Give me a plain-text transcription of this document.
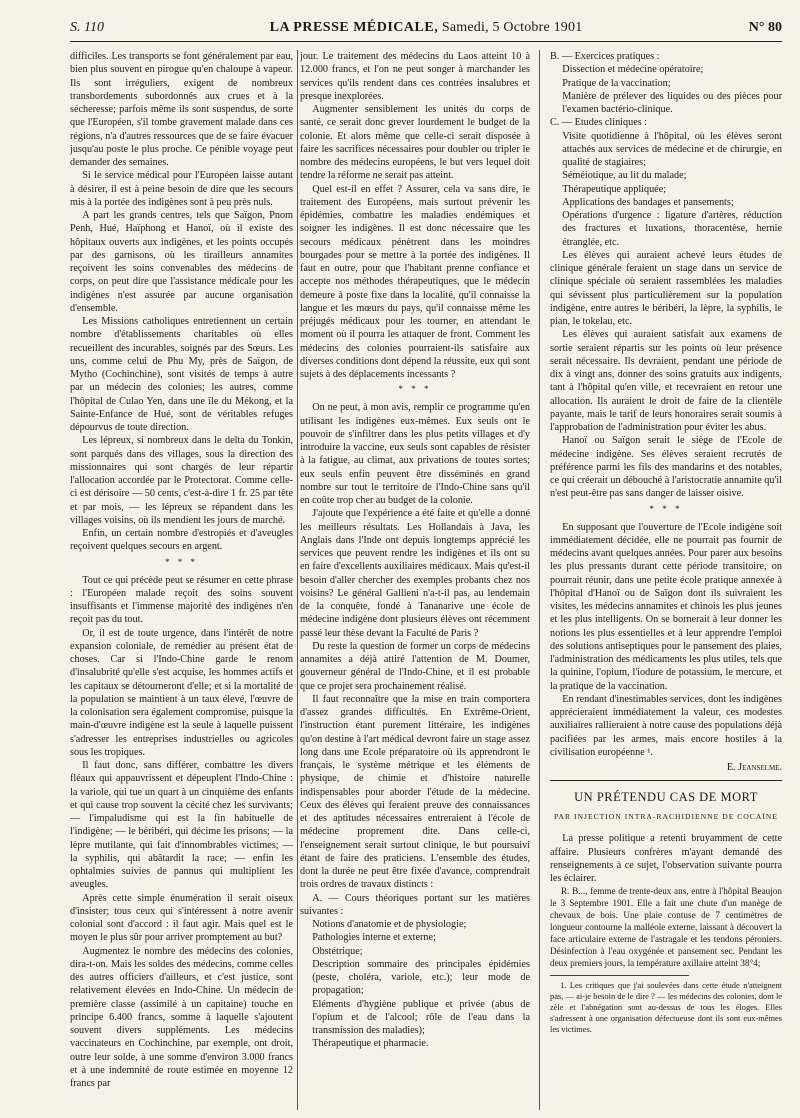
S. 110	LA PRESSE MÉDICALE, Samedi, 5 Octobre 1901	N° 80

difficiles. Les transports se font généralement par eau, bien plus souvent en pirogue qu'en chaloupe à vapeur. Ils sont irréguliers, exigent de nombreux transbordements subordonnés aux crues et à la sécheresse; parfois même ils sont suspendus, de sorte que l'Européen, s'il tombe gravement malade dans ces régions, n'a d'autres ressources que de se faire évacuer jusqu'au poste le plus proche. Ce pénible voyage peut demander des semaines.

Si le service médical pour l'Européen laisse autant à désirer, il est à peine besoin de dire que les secours mis à la portée des indigènes sont à peu près nuls.

A part les grands centres, tels que Saïgon, Pnom Penh, Hué, Haïphong et Hanoï, où il existe des hôpitaux ouverts aux indigènes, et les points occupés par des garnisons, où les tirailleurs annamites reçoivent les soins convenables des médecins de corps, on peut dire que l'assistance médicale pour les indigènes n'est assurée par aucune organisation d'ensemble.

Les Missions catholiques entretiennent un certain nombre d'établissements charitables où elles recueillent des incurables, soignés par des Sœurs. Les uns, comme celui de Phu My, près de Saïgon, de Mytho (Cochinchine), sont visités de temps à autre par un médecin des colonies; les autres, comme l'hôpital de Culao Yen, dans une île du Mékong, et la Sainte-Enfance de Hué, sont de véritables refuges dépourvus de toute direction.

Les lépreux, si nombreux dans le delta du Tonkin, sont parqués dans des villages, sous la direction des missionnaires qui sont chargés de leur répartir l'allocation accordée par le Protectorat. Comme celle-ci est dérisoire — 50 cents, c'est-à-dire 1 fr. 25 par tête et par mois, — les lépreux se répandent dans les villages voisins, où ils mendient les jours de marché.

Enfin, un certain nombre d'estropiés et d'aveugles reçoivent quelques secours en argent.

* * *

Tout ce qui précède peut se résumer en cette phrase : l'Européen malade reçoit des soins souvent insuffisants et l'immense majorité des indigènes n'en reçoit pas du tout.

Or, il est de toute urgence, dans l'intérêt de notre expansion coloniale, de remédier au présent état de choses. Car si l'Indo-Chine garde le renom d'insalubrité qu'elle s'est acquise, les hommes actifs et les capitaux se détourneront d'elle; et si la mortalité de la population se maintient à un taux élevé, l'œuvre de la colonisation sera également compromise, puisque la main-d'œuvre indigène est la seule à laquelle puissent s'adresser les entreprises industrielles ou agricoles sous les tropiques.

Il faut donc, sans différer, combattre les divers fléaux qui appauvrissent et dépeuplent l'Indo-Chine : la variole, qui tue un quart à un cinquième des enfants et qui cause trop souvent la cécité chez les survivants; — l'impaludisme qui est la fin habituelle de l'indigène; — le béribéri, qui décime les prisons; — la lèpre mutilante, qui fait d'innombrables victimes; — la syphilis, qui abâtardit la race; — enfin les ophtalmies suivies de pannus qui multiplient les aveugles.

Après cette simple énumération il serait oiseux d'insister; tous ceux qui s'intéressent à notre avenir colonial sont d'accord : il faut agir. Mais quel est le moyen le plus sûr pour arriver promptement au but?

Augmentez le nombre des médecins des colonies, dira-t-on. Mais les soldes des médecins, comme celles des autres officiers d'ailleurs, et c'est justice, sont relativement élevées en Indo-Chine. Un médecin de première classe (assimilé à un capitaine) touche en principe 6.400 francs, somme à laquelle s'ajoutent souvent divers suppléments. Les médecins vaccinateurs en Cochinchine, par exemple, ont droit, outre leur solde, à une somme d'environ 3.000 francs et à une indemnité de route estimée en moyenne 12 francs par

jour. Le traitement des médecins du Laos atteint 10 à 12.000 francs, et l'on ne peut songer à marchander les services qu'ils rendent dans ces contrées insalubres et presque inexplorées.

Augmenter sensiblement les unités du corps de santé, ce serait donc grever lourdement le budget de la colonie. Et alors même que celle-ci serait disposée à faire les sacrifices nécessaires pour doubler ou tripler le nombre des médecins européens, le but vers lequel doit tendre la réforme ne serait pas atteint.

Quel est-il en effet ? Assurer, cela va sans dire, le traitement des Européens, mais surtout prévenir les épidémies, combattre les maladies endémiques et soigner les indigènes. Il est donc nécessaire que les secours médicaux pénètrent dans les moindres bourgades pour se mettre à la portée des indigènes. Il faut en outre, pour que l'habitant prenne confiance et accepte nos méthodes thérapeutiques, que le médecin demeure à poste fixe dans la localité, qu'il connaisse la langue et les mœurs du pays, qu'il connaisse même les préjugés médicaux pour les tourner, en attendant le moment où il pourra les attaquer de front. Comment les médecins des colonies pourraient-ils satisfaire aux diverses conditions dont dépend la réussite, eux qui sont sujets à des déplacements incessants ?

* * *

On ne peut, à mon avis, remplir ce programme qu'en utilisant les indigènes eux-mêmes. Eux seuls ont le pouvoir de s'infiltrer dans les plus petits villages et d'y introduire la vaccine, eux seuls sont capables de résister à la fatigue, au climat, aux privations de toutes sortes; eux seuls enfin peuvent être disséminés en grand nombre sur tout le territoire de l'Indo-Chine sans qu'il en coûte trop cher au budget de la colonie.

J'ajoute que l'expérience a été faite et qu'elle a donné les meilleurs résultats. Les Hollandais à Java, les Anglais dans l'Inde ont depuis longtemps apprécié les services que peuvent rendre les indigènes et ils ont su en faire d'excellents auxiliaires médicaux. Mais qu'est-il besoin d'aller chercher des exemples probants chez nos voisins? Le général Gallieni n'a-t-il pas, au lendemain de la conquête, fondé à Tananarive une école de médecine indigène dont plusieurs élèves ont récemment passé leur thèse devant la Faculté de Paris ?

Du reste la question de former un corps de médecins annamites a déjà attiré l'attention de M. Doumer, gouverneur général de l'Indo-Chine, et il est probable que ce projet sera prochainement réalisé.

Il faut reconnaître que la mise en train comportera d'assez grandes difficultés. En Extrême-Orient, l'instruction étant purement littéraire, les indigènes qu'on destine à l'art médical devront faire un stage assez long dans une Ecole préparatoire où ils apprendront le français, le système métrique et les éléments de physique, de chimie et d'histoire naturelle indispensables pour aborder l'étude de la médecine. Ceux des élèves qui feraient preuve des connaissances et des aptitudes nécessaires entreraient à l'école de médecine proprement dite. Dans celle-ci, l'enseignement serait surtout clinique, le but poursuivi étant de faire des praticiens. L'ensemble des études, dont la durée ne peut être fixée d'avance, comprendrait trois ordres de travaux distincts :

A. — Cours théoriques portant sur les matières suivantes :

Notions d'anatomie et de physiologie;

Pathologies interne et externe;

Obstétrique;

Description sommaire des principales épidémies (peste, choléra, variole, etc.); leur mode de propagation;

Eléments d'hygiène publique et privée (abus de l'opium et de l'alcool; rôle de l'eau dans la transmission des maladies);

Thérapeutique et pharmacie.

B. — Exercices pratiques :

Dissection et médecine opératoire;

Pratique de la vaccination;

Manière de prélever des liquides ou des pièces pour l'examen bactério-clinique.

C. — Etudes cliniques :

Visite quotidienne à l'hôpital, où les élèves seront attachés aux services de médecine et de chirurgie, en qualité de stagiaires;

Séméiotique, au lit du malade;

Thérapeutique appliquée;

Applications des bandages et pansements;

Opérations d'urgence : ligature d'artères, réduction des fractures et luxations, thoracentèse, hernie étranglée, etc.

Les élèves qui auraient achevé leurs études de clinique générale feraient un stage dans un service de clinique spéciale où seraient rassemblées les maladies qui sévissent plus particulièrement sur la population indigène, entre autres le béribéri, la lèpre, la syphilis, le pian, le tokelau, etc.

Les élèves qui auraient satisfait aux examens de sortie seraient répartis sur les points où leur présence serait nécessaire. Ils devraient, pendant une période de dix à vingt ans, donner des soins gratuits aux indigents, tant à l'hôpital qu'en ville, et recevraient en retour une allocation. Ils auraient le droit de faire de la clientèle payante, mais le tarif de leurs honoraires serait soumis à l'approbation de l'administration pour éviter les abus.

Hanoï ou Saïgon serait le siège de l'Ecole de médecine indigène. Ses élèves seraient recrutés de préférence parmi les fils des mandarins et des notables, ce qui créerait un débouché à l'aristocratie annamite qu'il n'est peut-être pas sans danger de laisser oisive.

* * *

En supposant que l'ouverture de l'Ecole indigène soit immédiatement décidée, elle ne pourrait pas fournir de médecins avant quelques années. Pour parer aux besoins les plus pressants durant cette période transitoire, on pourrait réunir, dans une petite école pratique annexée à l'hôpital d'Hanoï ou de Saïgon dont ils suivraient les visites, les médecins annamites et chinois les plus jeunes et les plus intelligents. On se bornerait à leur donner les notions les plus essentielles et à leur apprendre l'emploi des solutions antiseptiques pour le pansement des plaies, l'administration des médicaments les plus utiles, tels que la quinine, l'opium, l'iodure de potassium, le mercure, et la pratique de la vaccination.

En rendant d'inestimables services, dont les indigènes apprécieraient immédiatement la valeur, ces modestes auxiliaires rallieraient à notre cause des populations déjà pacifiées par les armes, mais encore hostiles à la civilisation européenne ¹.

E. Jeanselme.
UN PRÉTENDU CAS DE MORT
PAR INJECTION INTRA-RACHIDIENNE DE COCAÏNE

La presse politique a retenti bruyamment de cette affaire. Plusieurs confrères m'ayant demandé des renseignements à ce sujet, l'observation suivante pourra les éclairer.

R. B..., femme de trente-deux ans, entre à l'hôpital Beaujon le 3 Septembre 1901. Elle a fait une chute d'un manège de chevaux de bois. Une plaie contuse de 7 centimètres de longueur contourne la malléole externe, laissant à découvert la face articulaire externe de l'astragale et les tendons péroniers. Désinfection à l'eau oxygénée et pansement sec. Pendant les deux premiers jours, la température axillaire atteint 38°4;

1. Les critiques que j'ai soulevées dans cette étude n'atteignent pas, — ai-je besoin de le dire ? — les médecins des colonies, dont le zèle et l'abnégation sont au-dessus de tous les éloges. Elles s'adressent à une organisation défectueuse dont ils sont eux-mêmes les victimes.
